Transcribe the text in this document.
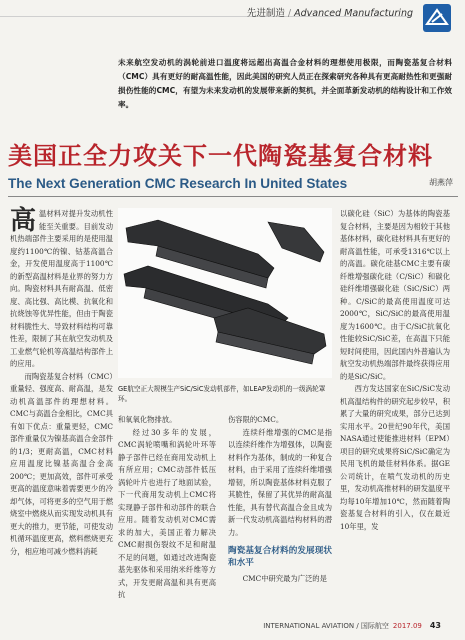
先进制造 / Advanced Manufacturing
未来航空发动机的涡轮前进口温度将远超出高温合金材料的理想使用极限，而陶瓷基复合材料（CMC）具有更好的耐高温性能，因此美国的研究人员正在探索研究各种具有更高耐热性和更强耐损伤性能的CMC，有望为未来发动机的发展带来新的契机，并全面革新发动机的结构设计和工作效率。
美国正全力攻关下一代陶瓷基复合材料
The Next Generation CMC Research In United States	胡燕萍

高温材料对提升发动机性能至关重要。目前发动机热端部件主要采用的是使用温度约1100℃的镍、钴基高温合金，开发使用温度高于1100℃的新型高温材料是业界的努力方向。陶瓷材料具有耐高温、低密度、高比强、高比模、抗氧化和抗烧蚀等优异性能，但由于陶瓷材料脆性大、导致材料结构可靠性差，限制了其在航空发动机及工业燃气轮机等高温结构部件上的应用。

而陶瓷基复合材料（CMC）重量轻、强度高、耐高温，是发动机高温部件的理想材料。CMC与高温合金相比，CMC具有如下优点：重量更轻，CMC部件重量仅为镍基高温合金部件的1/3；更耐高温，CMC材料应用温度比镍基高温合金高200℃；更加高效，部件可承受更高的温度意味着需要更少的冷却气体，可将更多的空气用于燃烧室中燃烧从而实现发动机具有更大的推力，更节能，可使发动机循环温度更高，燃料燃烧更充分，相应地可减少燃料消耗

GE航空正大规模生产SiC/SiC发动机部件，如LEAP发动机的一级涡轮罩环。

和氧氧化物排放。

经过30多年的发展，CMC涡轮喷嘴和涡轮叶环等静子部件已经在商用发动机上有所应用；CMC动部件低压涡轮叶片也进行了地面试验，下一代商用发动机上CMC将实现静子部件和动部件的联合应用。随着发动机对CMC需求的加大，美国正着力解决CMC耐损伤裂纹不足和耐温不足的问题，如通过改进陶瓷基先驱体和采用纳米纤维等方式，开发更耐高温和具有更高抗

伤容限的CMC。

连续纤维增强的CMC是指以连续纤维作为增强体，以陶瓷材料作为基体，制成的一种复合材料，由于采用了连续纤维增强增韧，所以陶瓷基体材料克服了其脆性，保留了其优异的耐高温性能，具有替代高温合金且成为新一代发动机高温结构材料的潜力。

陶瓷基复合材料的发展现状和水平

CMC中研究最为广泛的是

以碳化硅（SiC）为基体的陶瓷基复合材料，主要是因为相较于其他基体材料，碳化硅材料具有更好的耐高温性能，可承受1316℃以上的高温。碳化硅基CMC主要有碳纤维增强碳化硅（C/SiC）和碳化硅纤维增强碳化硅（SiC/SiC）两种。C/SiC的最高使用温度可达2000℃，SiC/SiC的最高使用温度为1600℃。由于C/SiC抗氧化性能较SiC/SiC差，在高温下只能短时间使用，因此国内外普遍认为航空发动机热端部件最终获得应用的是SiC/SiC。

西方发达国家在SiC/SiC发动机高温结构件的研究起步较早，积累了大量的研究成果，部分已达到实用水平。20世纪90年代，美国NASA通过使能推进材料（EPM）项目的研究成果将SiC/SiC确定为民用飞机的最佳材料体系。据GE公司统计，在喷气发动机的历史里，发动机高推材料的研发温度平均每10年增加10℃，然而随着陶瓷基复合材料的引入，仅在最近10年里，发

INTERNATIONAL AVIATION / 国际航空 2017.09 43
